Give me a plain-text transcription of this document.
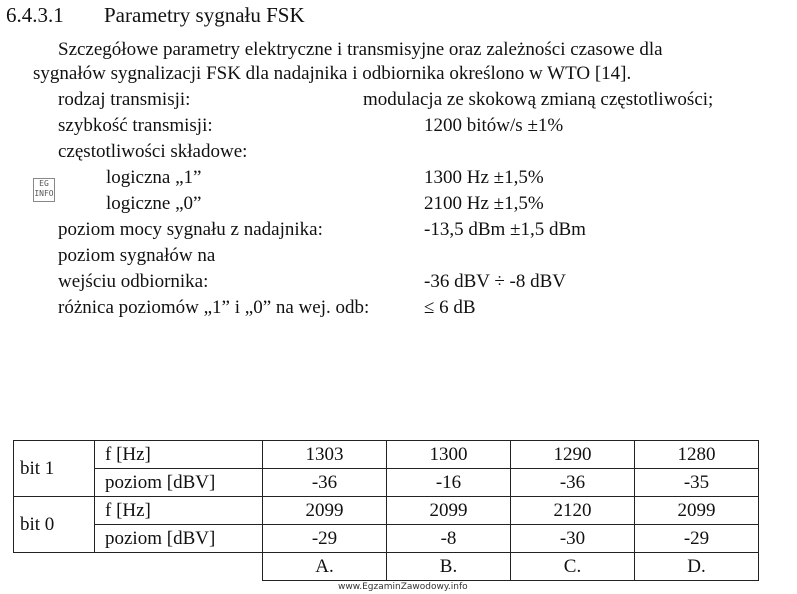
6.4.3.1 Parametry sygnału FSK
Szczegółowe parametry elektryczne i transmisyjne oraz zależności czasowe dla
sygnałów sygnalizacji FSK dla nadajnika i odbiornika określono w WTO [14].
rodzaj transmisji:	modulacja ze skokową zmianą częstotliwości;
szybkość transmisji:	1200 bitów/s ±1%
częstotliwości składowe:
EG
INFO
logiczna „1”	1300 Hz ±1,5%
logiczne „0”	2100 Hz ±1,5%
poziom mocy sygnału z nadajnika:	-13,5 dBm ±1,5 dBm
poziom sygnałów na
wejściu odbiornika:	-36 dBV ÷ -8 dBV
różnica poziomów „1” i „0” na wej. odb:	≤ 6 dB
bit 1	f [Hz]	1303	1300	1290	1280
	poziom [dBV]	-36	-16	-36	-35
bit 0	f [Hz]	2099	2099	2120	2099
	poziom [dBV]	-29	-8	-30	-29
		A.	B.	C.	D.
www.EgzaminZawodowy.info
